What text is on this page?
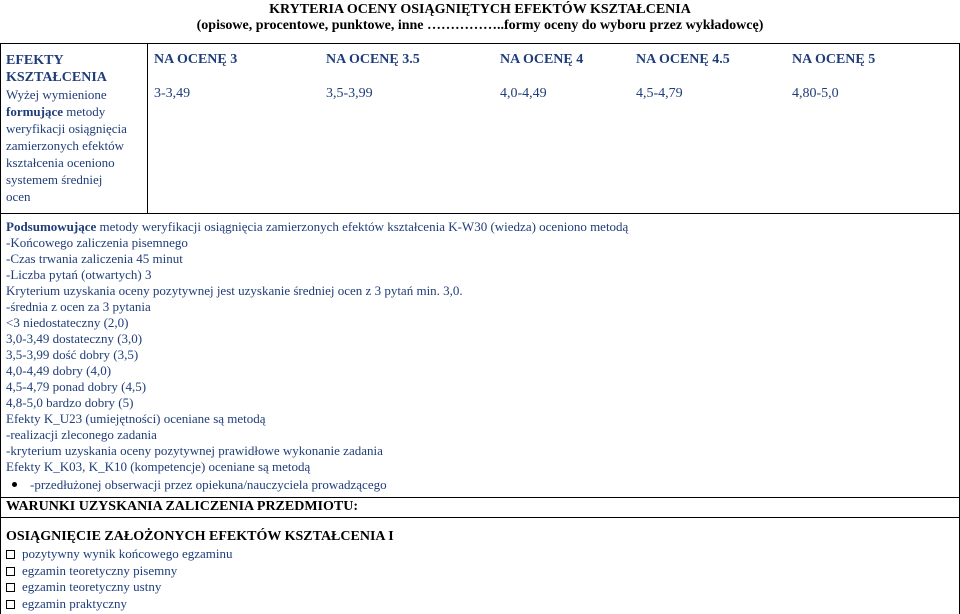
KRYTERIA OCENY OSIĄGNIĘTYCH EFEKTÓW KSZTAŁCENIA
(opisowe, procentowe, punktowe, inne ……………..formy oceny do wyboru przez wykładowcę)
EFEKTY
KSZTAŁCENIA
Wyżej wymienione
formujące metody
weryfikacji osiągnięcia
zamierzonych efektów
kształcenia oceniono
systemem średniej
ocen
NA OCENĘ 3	NA OCENĘ 3.5	NA OCENĘ 4	NA OCENĘ 4.5	NA OCENĘ 5
3-3,49	3,5-3,99	4,0-4,49	4,5-4,79	4,80-5,0
Podsumowujące metody weryfikacji osiągnięcia zamierzonych efektów kształcenia K-W30 (wiedza) oceniono metodą
-Końcowego zaliczenia pisemnego
-Czas trwania zaliczenia 45 minut
-Liczba pytań (otwartych) 3
Kryterium uzyskania oceny pozytywnej jest uzyskanie średniej ocen z 3 pytań min. 3,0.
-średnia z ocen za 3 pytania
<3 niedostateczny (2,0)
3,0-3,49 dostateczny (3,0)
3,5-3,99 dość dobry (3,5)
4,0-4,49 dobry (4,0)
4,5-4,79 ponad dobry (4,5)
4,8-5,0 bardzo dobry (5)
Efekty K_U23 (umiejętności) oceniane są metodą
-realizacji zleconego zadania
-kryterium uzyskania oceny pozytywnej prawidłowe wykonanie zadania
Efekty K_K03, K_K10 (kompetencje) oceniane są metodą
-przedłużonej obserwacji przez opiekuna/nauczyciela prowadzącego
WARUNKI UZYSKANIA ZALICZENIA PRZEDMIOTU:
OSIĄGNIĘCIE ZAŁOŻONYCH EFEKTÓW KSZTAŁCENIA I
pozytywny wynik końcowego egzaminu
egzamin teoretyczny pisemny
egzamin teoretyczny ustny
egzamin praktyczny
